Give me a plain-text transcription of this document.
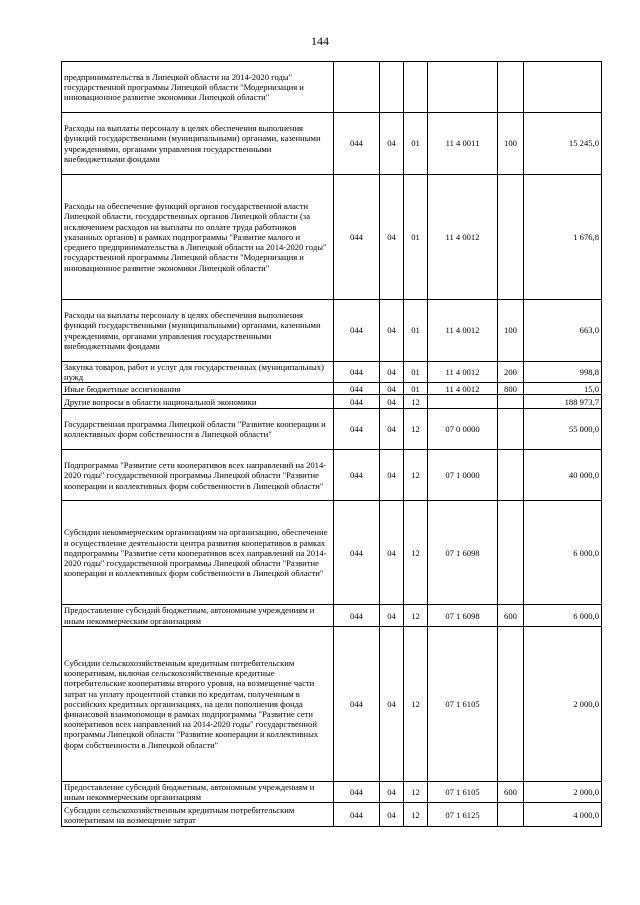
144
предпринимательства в Липецкой области на 2014-2020 годы" государственной программы Липецкой области "Модернизация и инновационное развитие экономики Липецкой области"						
Расходы на выплаты персоналу в целях обеспечения выполнения функций государственными (муниципальными) органами, казенными учреждениями, органами управления государственными внебюджетными фондами	044	04	01	11 4 0011	100	15 245,0
Расходы на обеспечение функций органов государственной власти Липецкой области, государственных органов Липецкой области (за исключением расходов на выплаты по оплате труда работников указанных органов) в рамках подпрограммы "Развитие малого и среднего предпринимательства в Липецкой области на 2014-2020 годы" государственной программы Липецкой области "Модернизация и инновационное развитие экономики Липецкой области"	044	04	01	11 4 0012		1 676,8
Расходы на выплаты персоналу в целях обеспечения выполнения функций государственными (муниципальными) органами, казенными учреждениями, органами управления государственными внебюджетными фондами	044	04	01	11 4 0012	100	663,0
Закупка товаров, работ и услуг для государственных (муниципальных) нужд	044	04	01	11 4 0012	200	998,8
Иные бюджетные ассигнования	044	04	01	11 4 0012	800	15,0
Другие вопросы в области национальной экономики	044	04	12			188 973,7
Государственная программа Липецкой области "Развитие кооперации и коллективных форм собственности в Липецкой области"	044	04	12	07 0 0000		55 000,0
Подпрограмма "Развитие сети кооперативов всех направлений на 2014-2020 годы" государственной программы Липецкой области "Развитие кооперации и коллективных форм собственности в Липецкой области"	044	04	12	07 1 0000		40 000,0
Субсидии некоммерческим организациям на организацию, обеспечение и осуществление деятельности центра развития кооперативов в рамках подпрограммы "Развитие сети кооперативов всех направлений на 2014-2020 годы" государственной программы Липецкой области "Развитие кооперации и коллективных форм собственности в Липецкой области"	044	04	12	07 1 6098		6 000,0
Предоставление субсидий бюджетным, автономным учреждениям и иным некоммерческим организациям	044	04	12	07 1 6098	600	6 000,0
Субсидии сельскохозяйственным кредитным потребительским кооперативам, включая сельскохозяйственные кредитные потребительские кооперативы второго уровня, на возмещение части затрат на уплату процентной ставки по кредитам, полученным в российских кредитных организациях, на цели пополнения фонда финансовой взаимопомощи в рамках подпрограммы "Развитие сети кооперативов всех направлений на 2014-2020 годы" государственной программы Липецкой области "Развитие кооперации и коллективных форм собственности в Липецкой области"	044	04	12	07 1 6105		2 000,0
Предоставление субсидий бюджетным, автономным учреждениям и иным некоммерческим организациям	044	04	12	07 1 6105	600	2 000,0
Субсидии сельскохозяйственным кредитным потребительским кооперативам на возмещение затрат	044	04	12	07 1 6125		4 000,0
